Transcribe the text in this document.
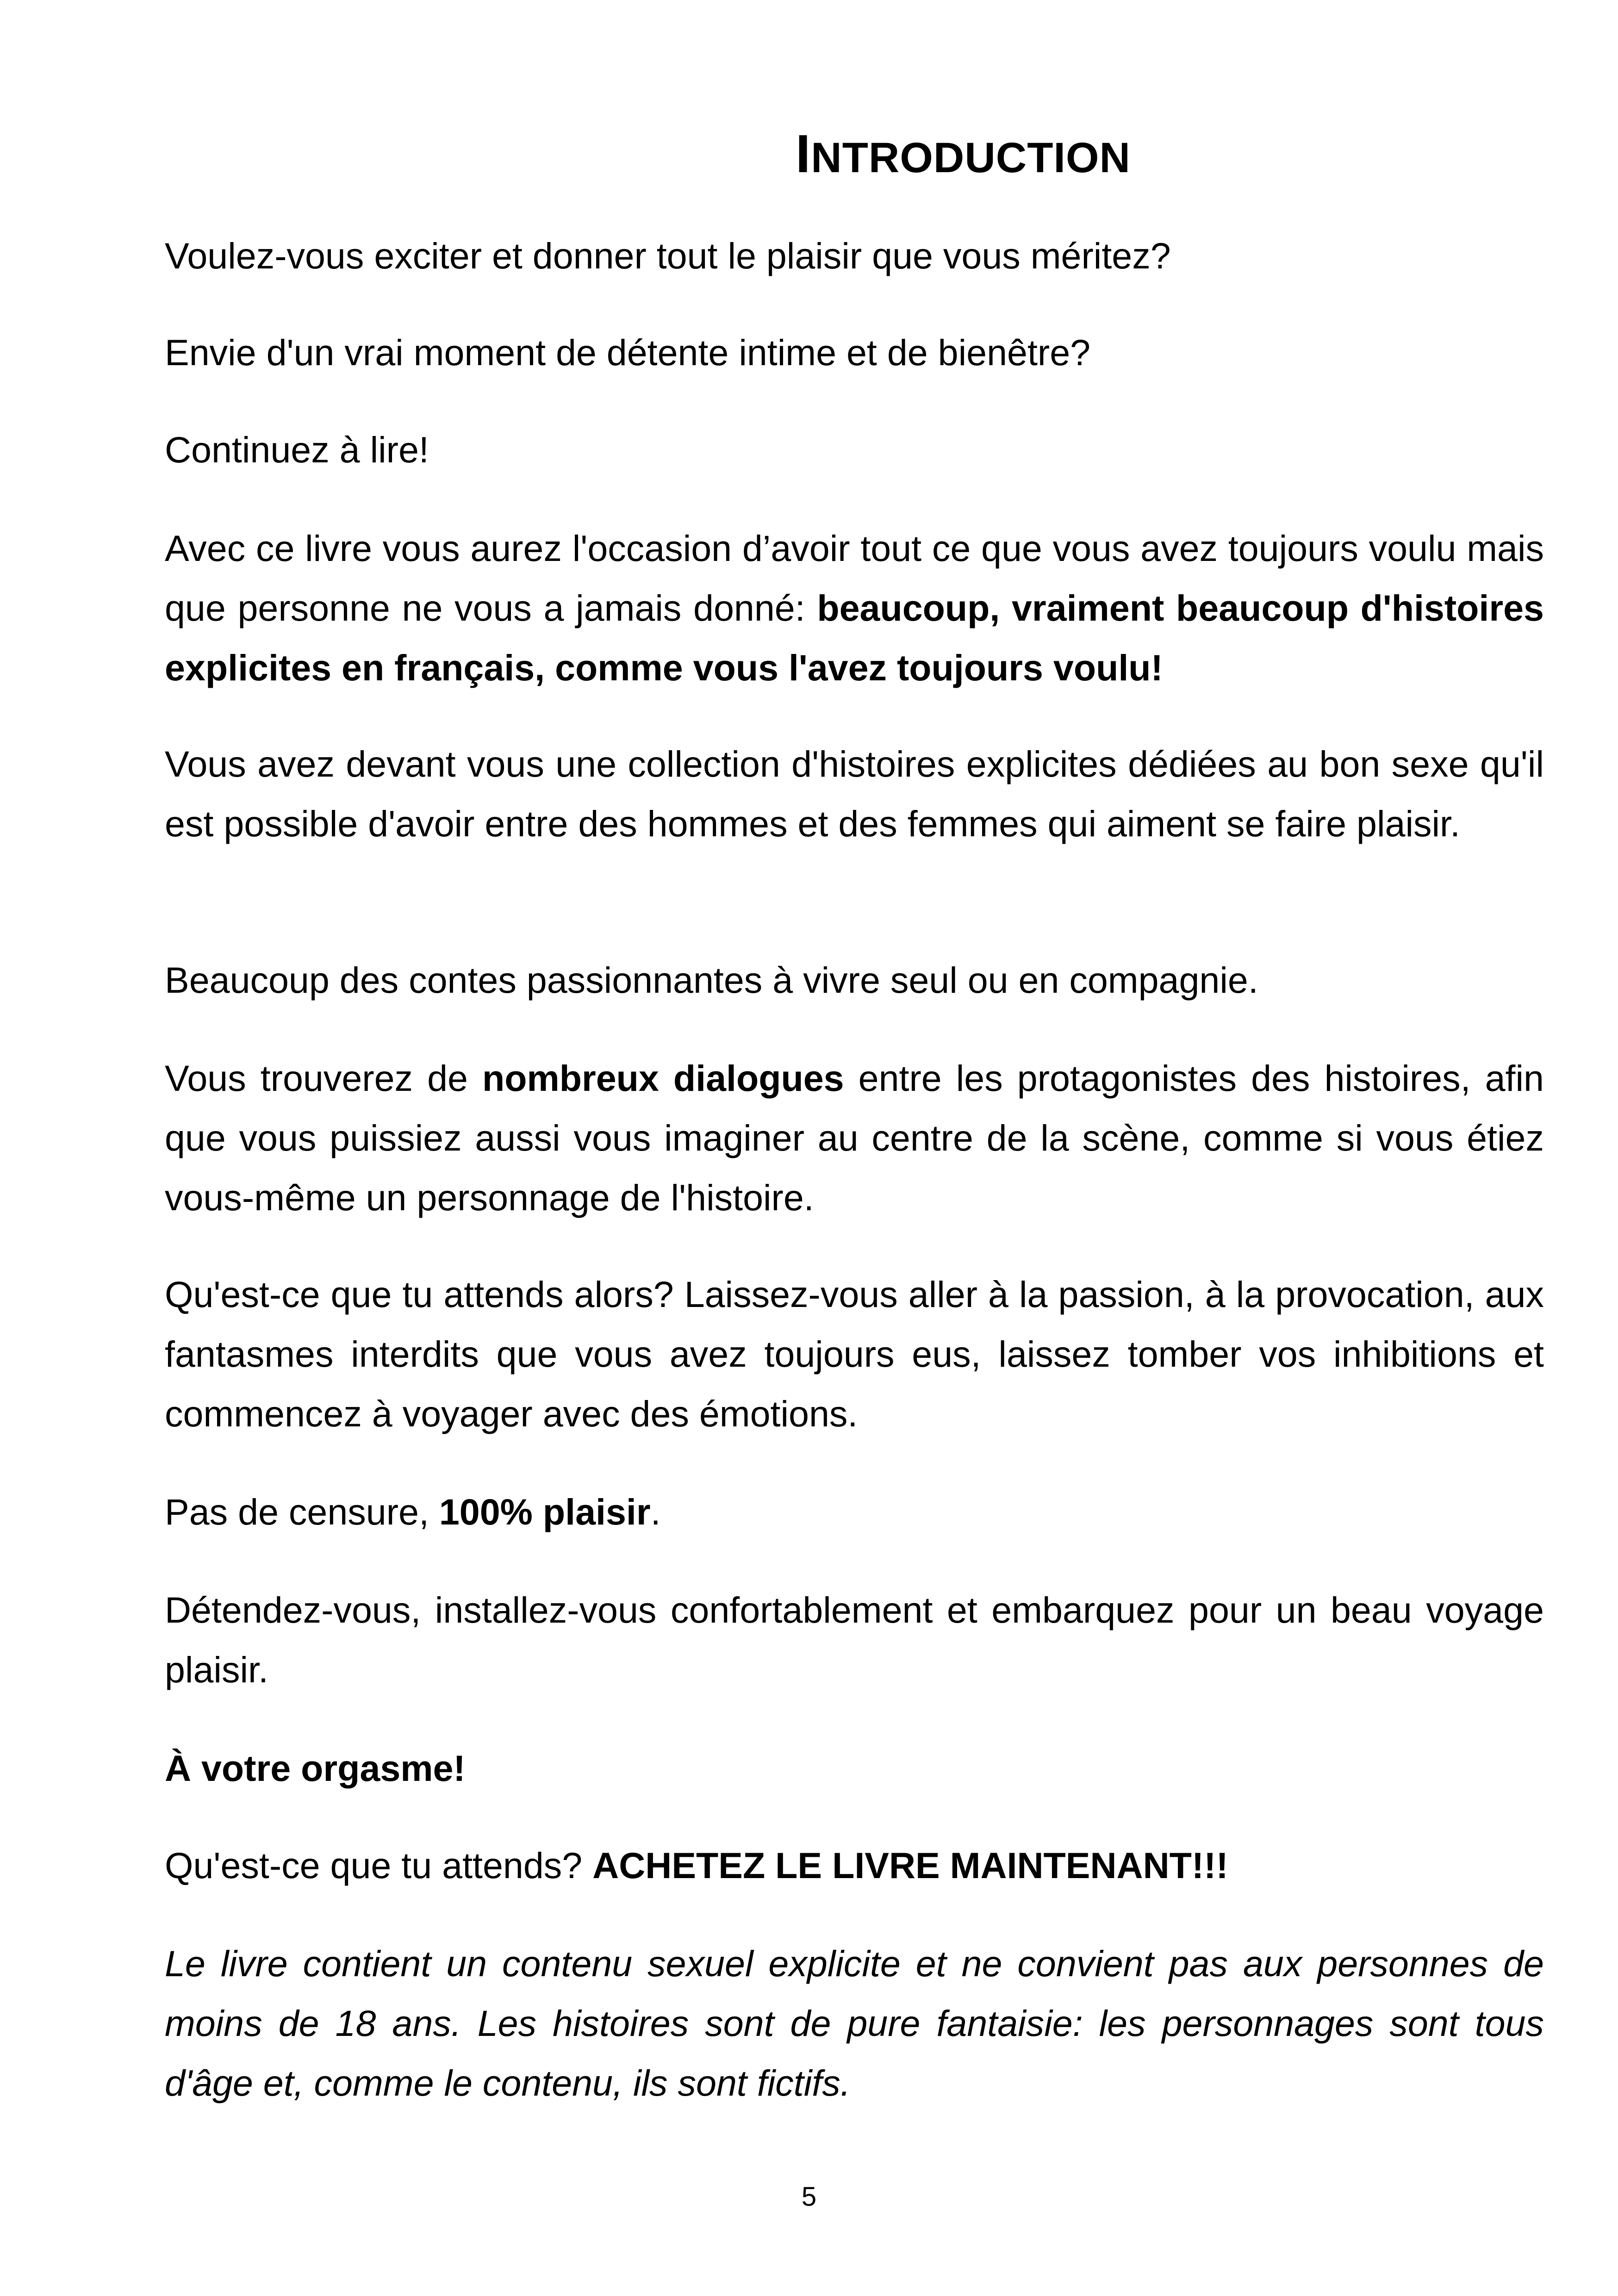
INTRODUCTION

Voulez-vous exciter et donner tout le plaisir que vous méritez?

Envie d'un vrai moment de détente intime et de bienêtre?

Continuez à lire!

Avec ce livre vous aurez l'occasion d’avoir tout ce que vous avez toujours voulu mais que personne ne vous a jamais donné: beaucoup, vraiment beaucoup d'histoires explicites en français, comme vous l'avez toujours voulu!

Vous avez devant vous une collection d'histoires explicites dédiées au bon sexe qu'il est possible d'avoir entre des hommes et des femmes qui aiment se faire plaisir.

Beaucoup des contes passionnantes à vivre seul ou en compagnie.

Vous trouverez de nombreux dialogues entre les protagonistes des histoires, afin que vous puissiez aussi vous imaginer au centre de la scène, comme si vous étiez vous-même un personnage de l'histoire.

Qu'est-ce que tu attends alors? Laissez-vous aller à la passion, à la provocation, aux fantasmes interdits que vous avez toujours eus, laissez tomber vos inhibitions et commencez à voyager avec des émotions.

Pas de censure, 100% plaisir.

Détendez-vous, installez-vous confortablement et embarquez pour un beau voyage plaisir.

À votre orgasme!

Qu'est-ce que tu attends? ACHETEZ LE LIVRE MAINTENANT!!!

Le livre contient un contenu sexuel explicite et ne convient pas aux personnes de moins de 18 ans. Les histoires sont de pure fantaisie: les personnages sont tous d'âge et, comme le contenu, ils sont fictifs.

5
